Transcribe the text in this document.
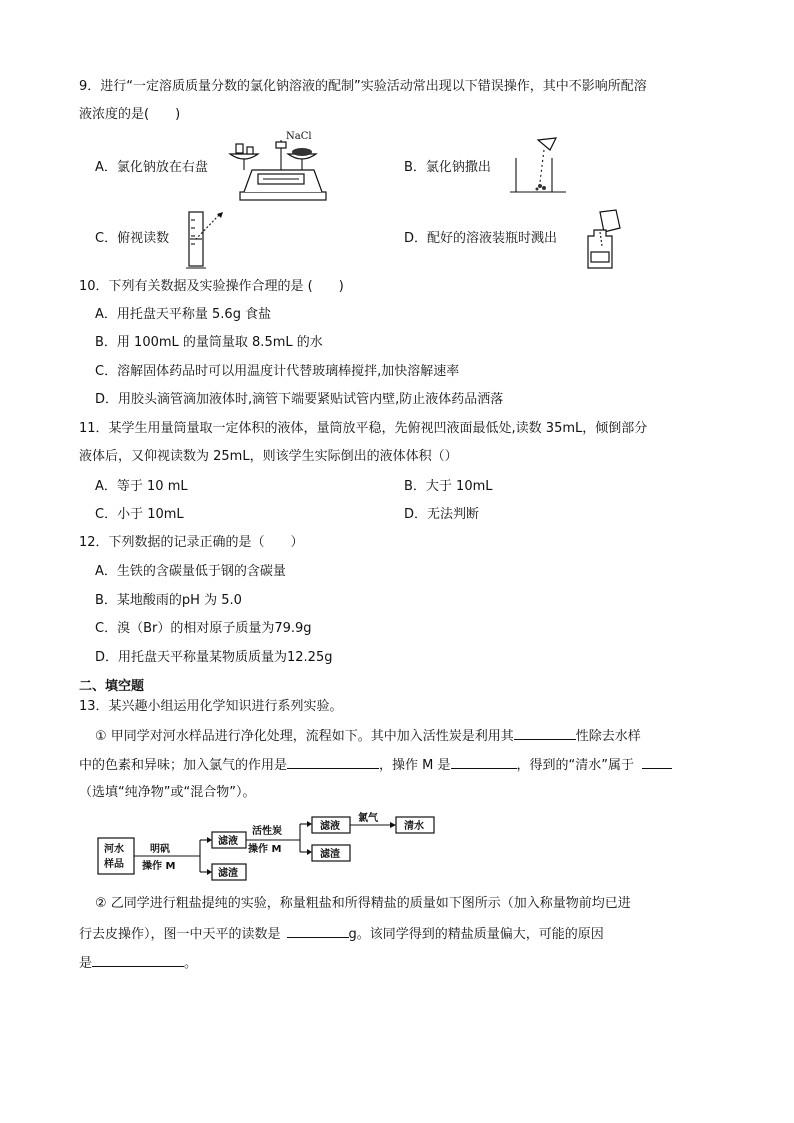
9．进行“一定溶质质量分数的氯化钠溶液的配制”实验活动常出现以下错误操作，其中不影响所配溶
液浓度的是(　　)
A．氯化钠放在右盘
NaCl
B．氯化钠撒出
C．俯视读数	D．配好的溶液装瓶时溅出
10．下列有关数据及实验操作合理的是 (　　)
A．用托盘天平称量 5.6g 食盐
B．用 100mL 的量筒量取 8.5mL 的水
C．溶解固体药品时可以用温度计代替玻璃棒搅拌,加快溶解速率
D．用胶头滴管滴加液体时,滴管下端要紧贴试管内壁,防止液体药品洒落
11．某学生用量筒量取一定体积的液体，量筒放平稳，先俯视凹液面最低处,读数 35mL，倾倒部分
液体后，又仰视读数为 25mL，则该学生实际倒出的液体体积（）
A．等于 10 mL	B．大于 10mL
C．小于 10mL	D．无法判断
12．下列数据的记录正确的是（　　）
A．生铁的含碳量低于钢的含碳量
B．某地酸雨的pH 为 5.0
C．溴（Br）的相对原子质量为79.9g
D．用托盘天平称量某物质质量为12.25g
二、填空题
13．某兴趣小组运用化学知识进行系列实验。
① 甲同学对河水样品进行净化处理，流程如下。其中加入活性炭是利用其	性除去水样
中的色素和异味；加入氯气的作用是	，操作 M 是	，得到的“清水”属于
（选填“纯净物”或“混合物”）。
河水
样品
明矾
操作 M
滤液
滤渣
活性炭
操作 M
滤液
滤渣
氯气
清水
② 乙同学进行粗盐提纯的实验，称量粗盐和所得精盐的质量如下图所示（加入称量物前均已进
行去皮操作），图一中天平的读数是	g。该同学得到的精盐质量偏大，可能的原因
是	。
